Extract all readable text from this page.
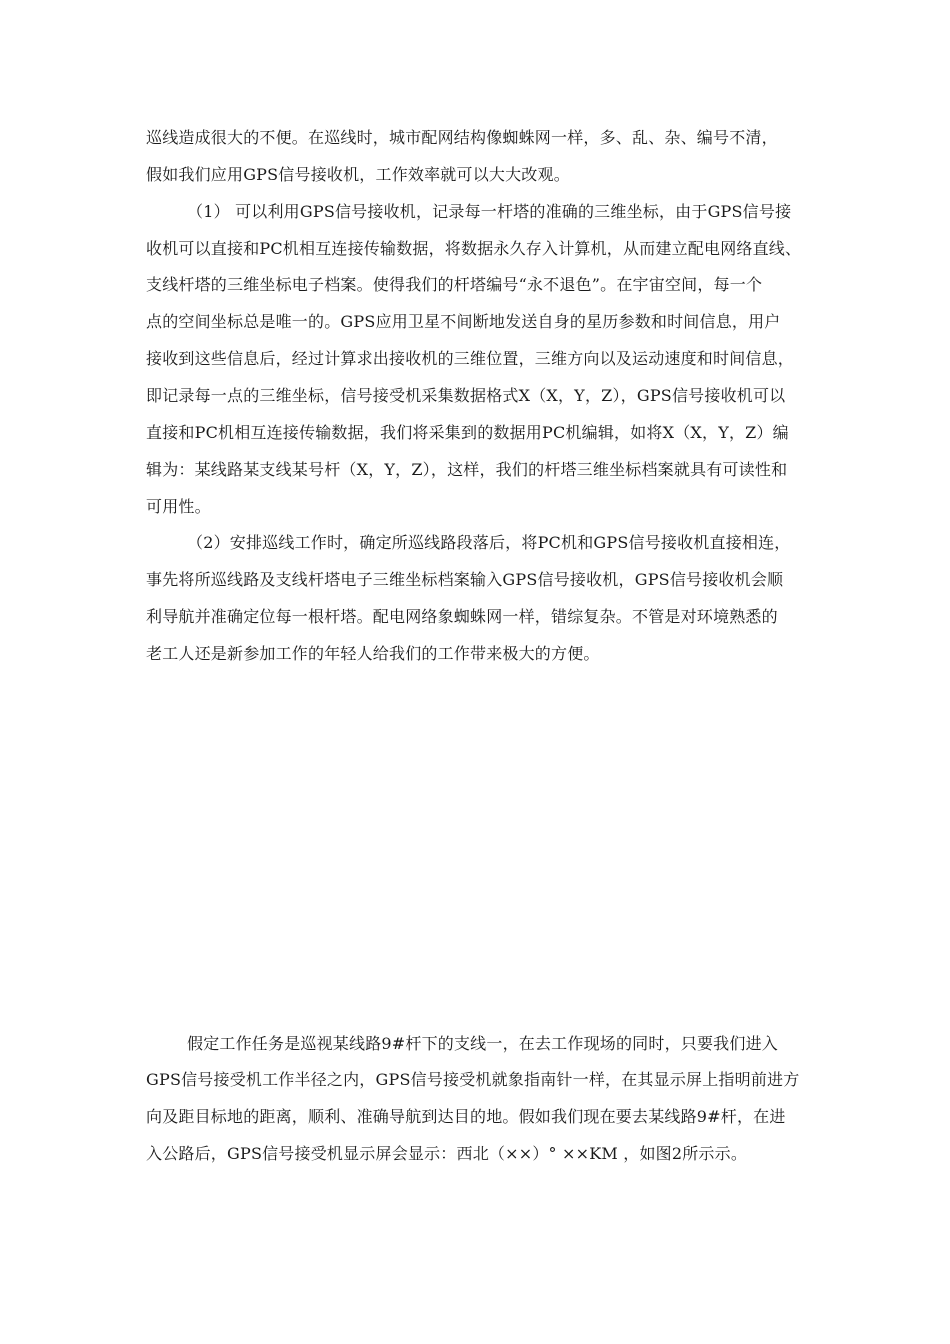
巡线造成很大的不便。在巡线时，城市配网结构像蜘蛛网一样，多、乱、杂、编号不清，
假如我们应用GPS信号接收机，工作效率就可以大大改观。
（1） 可以利用GPS信号接收机，记录每一杆塔的准确的三维坐标，由于GPS信号接
收机可以直接和PC机相互连接传输数据，将数据永久存入计算机，从而建立配电网络直线、
支线杆塔的三维坐标电子档案。使得我们的杆塔编号“永不退色”。在宇宙空间，每一个
点的空间坐标总是唯一的。GPS应用卫星不间断地发送自身的星历参数和时间信息，用户
接收到这些信息后，经过计算求出接收机的三维位置，三维方向以及运动速度和时间信息，
即记录每一点的三维坐标，信号接受机采集数据格式X（X，Y，Z），GPS信号接收机可以
直接和PC机相互连接传输数据，我们将采集到的数据用PC机编辑，如将X（X，Y，Z）编
辑为：某线路某支线某号杆（X，Y，Z），这样，我们的杆塔三维坐标档案就具有可读性和
可用性。
（2）安排巡线工作时，确定所巡线路段落后，将PC机和GPS信号接收机直接相连，
事先将所巡线路及支线杆塔电子三维坐标档案输入GPS信号接收机，GPS信号接收机会顺
利导航并准确定位每一根杆塔。配电网络象蜘蛛网一样，错综复杂。不管是对环境熟悉的
老工人还是新参加工作的年轻人给我们的工作带来极大的方便。
假定工作任务是巡视某线路9#杆下的支线一，在去工作现场的同时，只要我们进入
GPS信号接受机工作半径之内，GPS信号接受机就象指南针一样，在其显示屏上指明前进方
向及距目标地的距离，顺利、准确导航到达目的地。假如我们现在要去某线路9#杆，在进
入公路后，GPS信号接受机显示屏会显示：西北（××）° ××KM ，如图2所示示。
